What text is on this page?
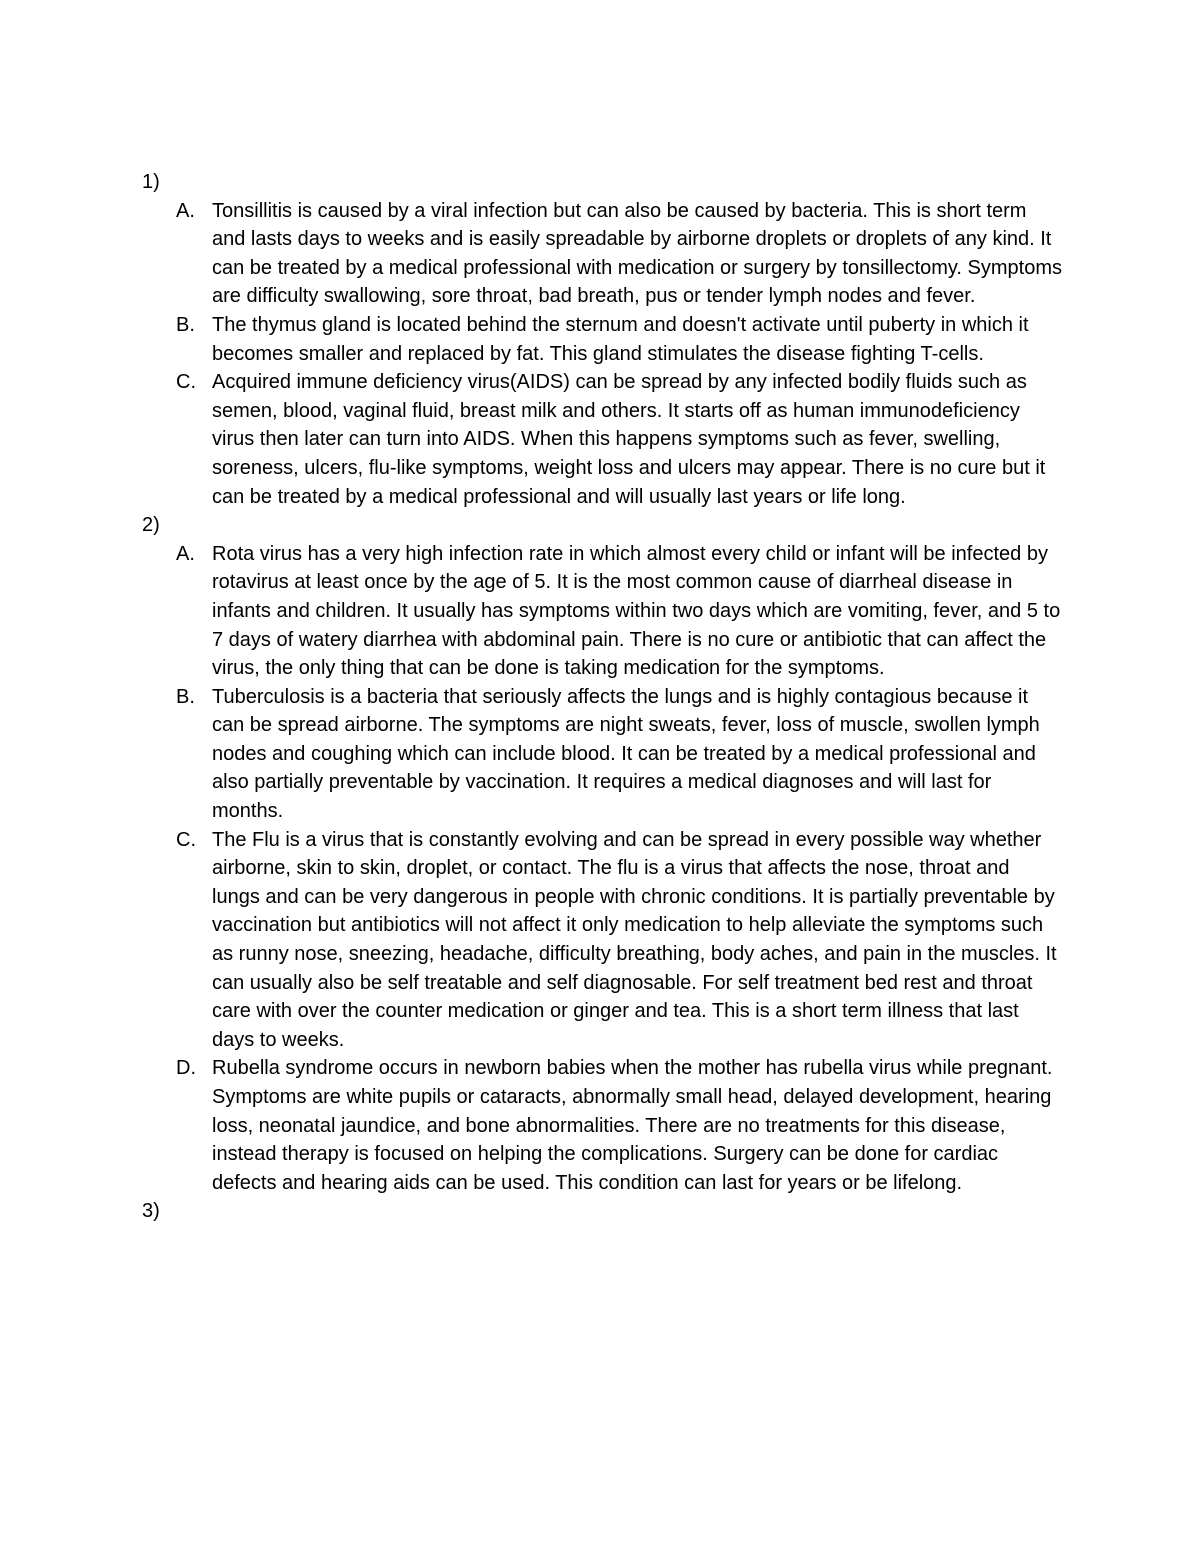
1)
A. Tonsillitis is caused by a viral infection but can also be caused by bacteria. This is short term and lasts days to weeks and is easily spreadable by airborne droplets or droplets of any kind. It can be treated by a medical professional with medication or surgery by tonsillectomy. Symptoms are difficulty swallowing, sore throat, bad breath, pus or tender lymph nodes and fever.

B. The thymus gland is located behind the sternum and doesn't activate until puberty in which it becomes smaller and replaced by fat. This gland stimulates the disease fighting T-cells.

C. Acquired immune deficiency virus(AIDS) can be spread by any infected bodily fluids such as semen, blood, vaginal fluid, breast milk and others. It starts off as human immunodeficiency virus then later can turn into AIDS. When this happens symptoms such as fever, swelling, soreness, ulcers, flu-like symptoms, weight loss and ulcers may appear. There is no cure but it can be treated by a medical professional and will usually last years or life long.

2)
A. Rota virus has a very high infection rate in which almost every child or infant will be infected by rotavirus at least once by the age of 5. It is the most common cause of diarrheal disease in infants and children. It usually has symptoms within two days which are vomiting, fever, and 5 to 7 days of watery diarrhea with abdominal pain. There is no cure or antibiotic that can affect the virus, the only thing that can be done is taking medication for the symptoms.

B. Tuberculosis is a bacteria that seriously affects the lungs and is highly contagious because it can be spread airborne. The symptoms are night sweats, fever, loss of muscle, swollen lymph nodes and coughing which can include blood. It can be treated by a medical professional and also partially preventable by vaccination. It requires a medical diagnoses and will last for months.

C. The Flu is a virus that is constantly evolving and can be spread in every possible way whether airborne, skin to skin, droplet, or contact. The flu is a virus that affects the nose, throat and lungs and can be very dangerous in people with chronic conditions. It is partially preventable by vaccination but antibiotics will not affect it only medication to help alleviate the symptoms such as runny nose, sneezing, headache, difficulty breathing, body aches, and pain in the muscles. It can usually also be self treatable and self diagnosable. For self treatment bed rest and throat care with over the counter medication or ginger and tea. This is a short term illness that last days to weeks.

D. Rubella syndrome occurs in newborn babies when the mother has rubella virus while pregnant. Symptoms are white pupils or cataracts, abnormally small head, delayed development, hearing loss, neonatal jaundice, and bone abnormalities. There are no treatments for this disease, instead therapy is focused on helping the complications. Surgery can be done for cardiac defects and hearing aids can be used. This condition can last for years or be lifelong.

3)
